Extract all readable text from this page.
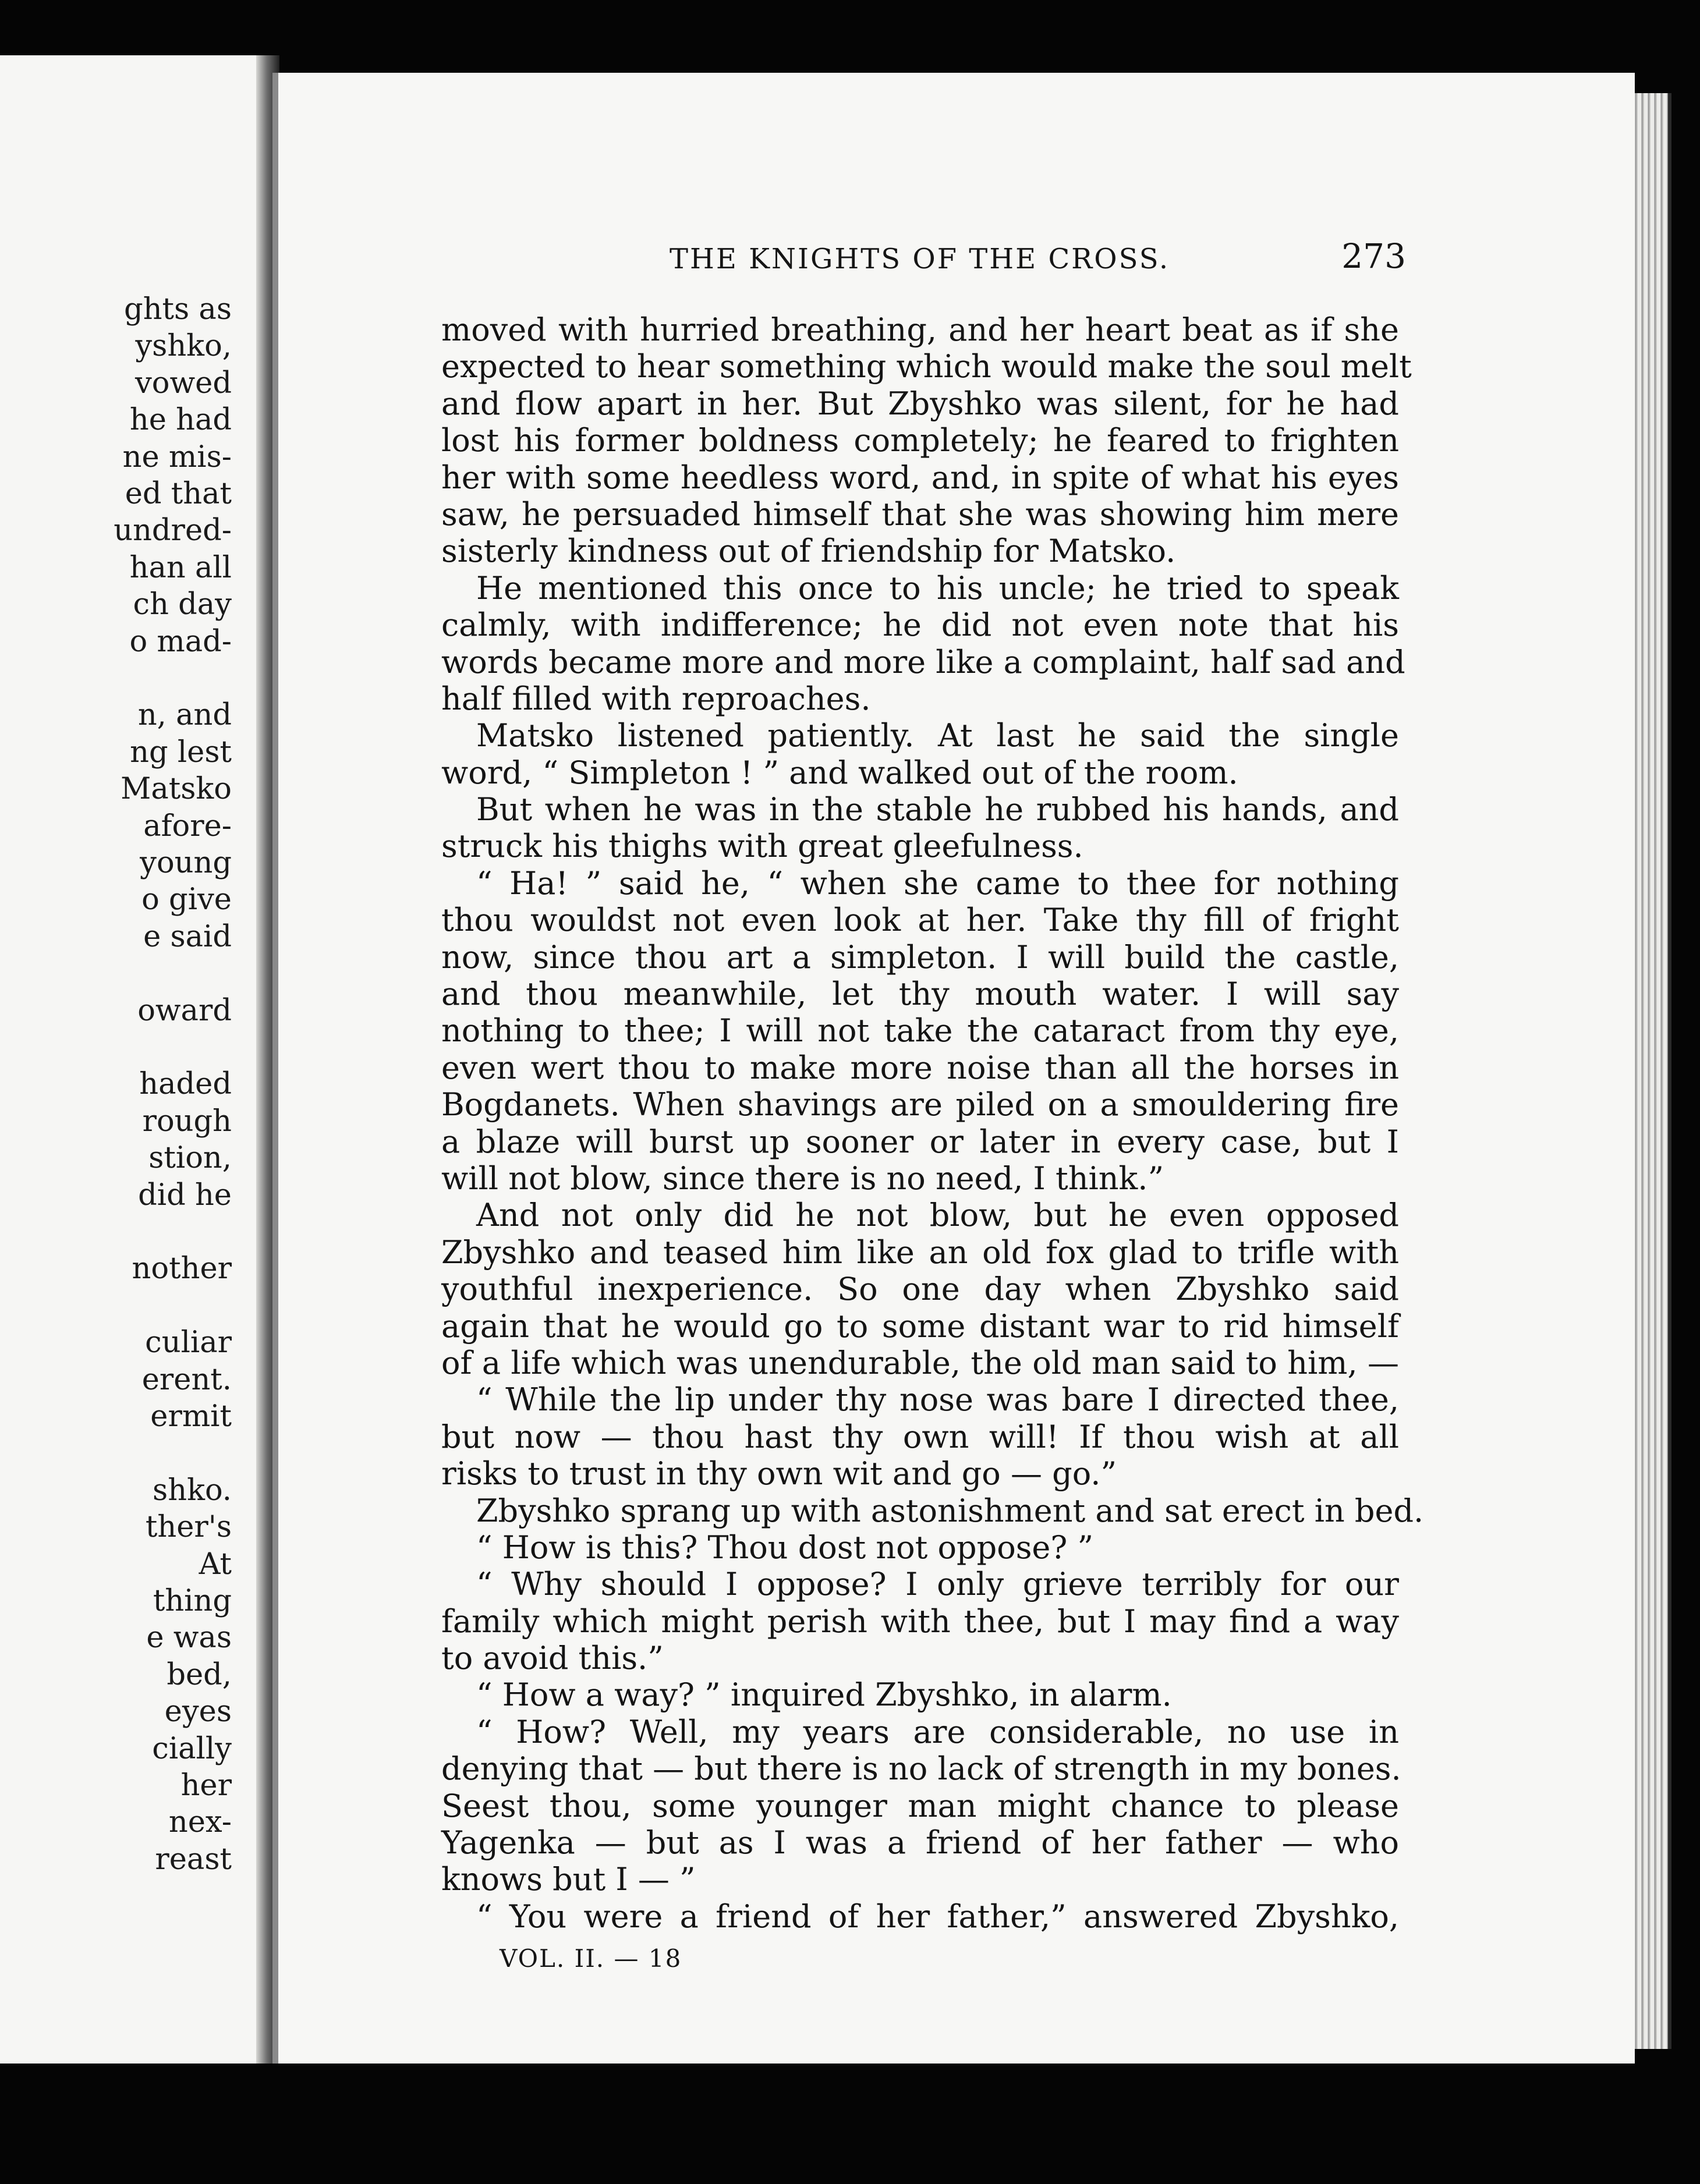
ghts as
yshko,
vowed
he had
ne mis-
ed that
undred-
han all
ch day
o mad-
n, and
ng lest
Matsko
afore-
young
o give
e said
oward
haded
rough
stion,
did he
nother
culiar
erent.
ermit
shko.
ther's
At
thing
e was
bed,
eyes
cially
her
nex-
reast
THE KNIGHTS OF THE CROSS.	273
moved with hurried breathing, and her heart beat as if she
expected to hear something which would make the soul melt
and flow apart in her. But Zbyshko was silent, for he had
lost his former boldness completely; he feared to frighten
her with some heedless word, and, in spite of what his eyes
saw, he persuaded himself that she was showing him mere
sisterly kindness out of friendship for Matsko.
He mentioned this once to his uncle; he tried to speak
calmly, with indifference; he did not even note that his
words became more and more like a complaint, half sad and
half filled with reproaches.
Matsko listened patiently. At last he said the single
word, “ Simpleton ! ” and walked out of the room.
But when he was in the stable he rubbed his hands, and
struck his thighs with great gleefulness.
“ Ha! ” said he, “ when she came to thee for nothing
thou wouldst not even look at her. Take thy fill of fright
now, since thou art a simpleton. I will build the castle,
and thou meanwhile, let thy mouth water. I will say
nothing to thee; I will not take the cataract from thy eye,
even wert thou to make more noise than all the horses in
Bogdanets. When shavings are piled on a smouldering fire
a blaze will burst up sooner or later in every case, but I
will not blow, since there is no need, I think.”
And not only did he not blow, but he even opposed
Zbyshko and teased him like an old fox glad to trifle with
youthful inexperience. So one day when Zbyshko said
again that he would go to some distant war to rid himself
of a life which was unendurable, the old man said to him, —
“ While the lip under thy nose was bare I directed thee,
but now — thou hast thy own will! If thou wish at all
risks to trust in thy own wit and go — go.”
Zbyshko sprang up with astonishment and sat erect in bed.
“ How is this? Thou dost not oppose? ”
“ Why should I oppose? I only grieve terribly for our
family which might perish with thee, but I may find a way
to avoid this.”
“ How a way? ” inquired Zbyshko, in alarm.
“ How? Well, my years are considerable, no use in
denying that — but there is no lack of strength in my bones.
Seest thou, some younger man might chance to please
Yagenka — but as I was a friend of her father — who
knows but I — ”
“ You were a friend of her father,” answered Zbyshko,
VOL. II. — 18
